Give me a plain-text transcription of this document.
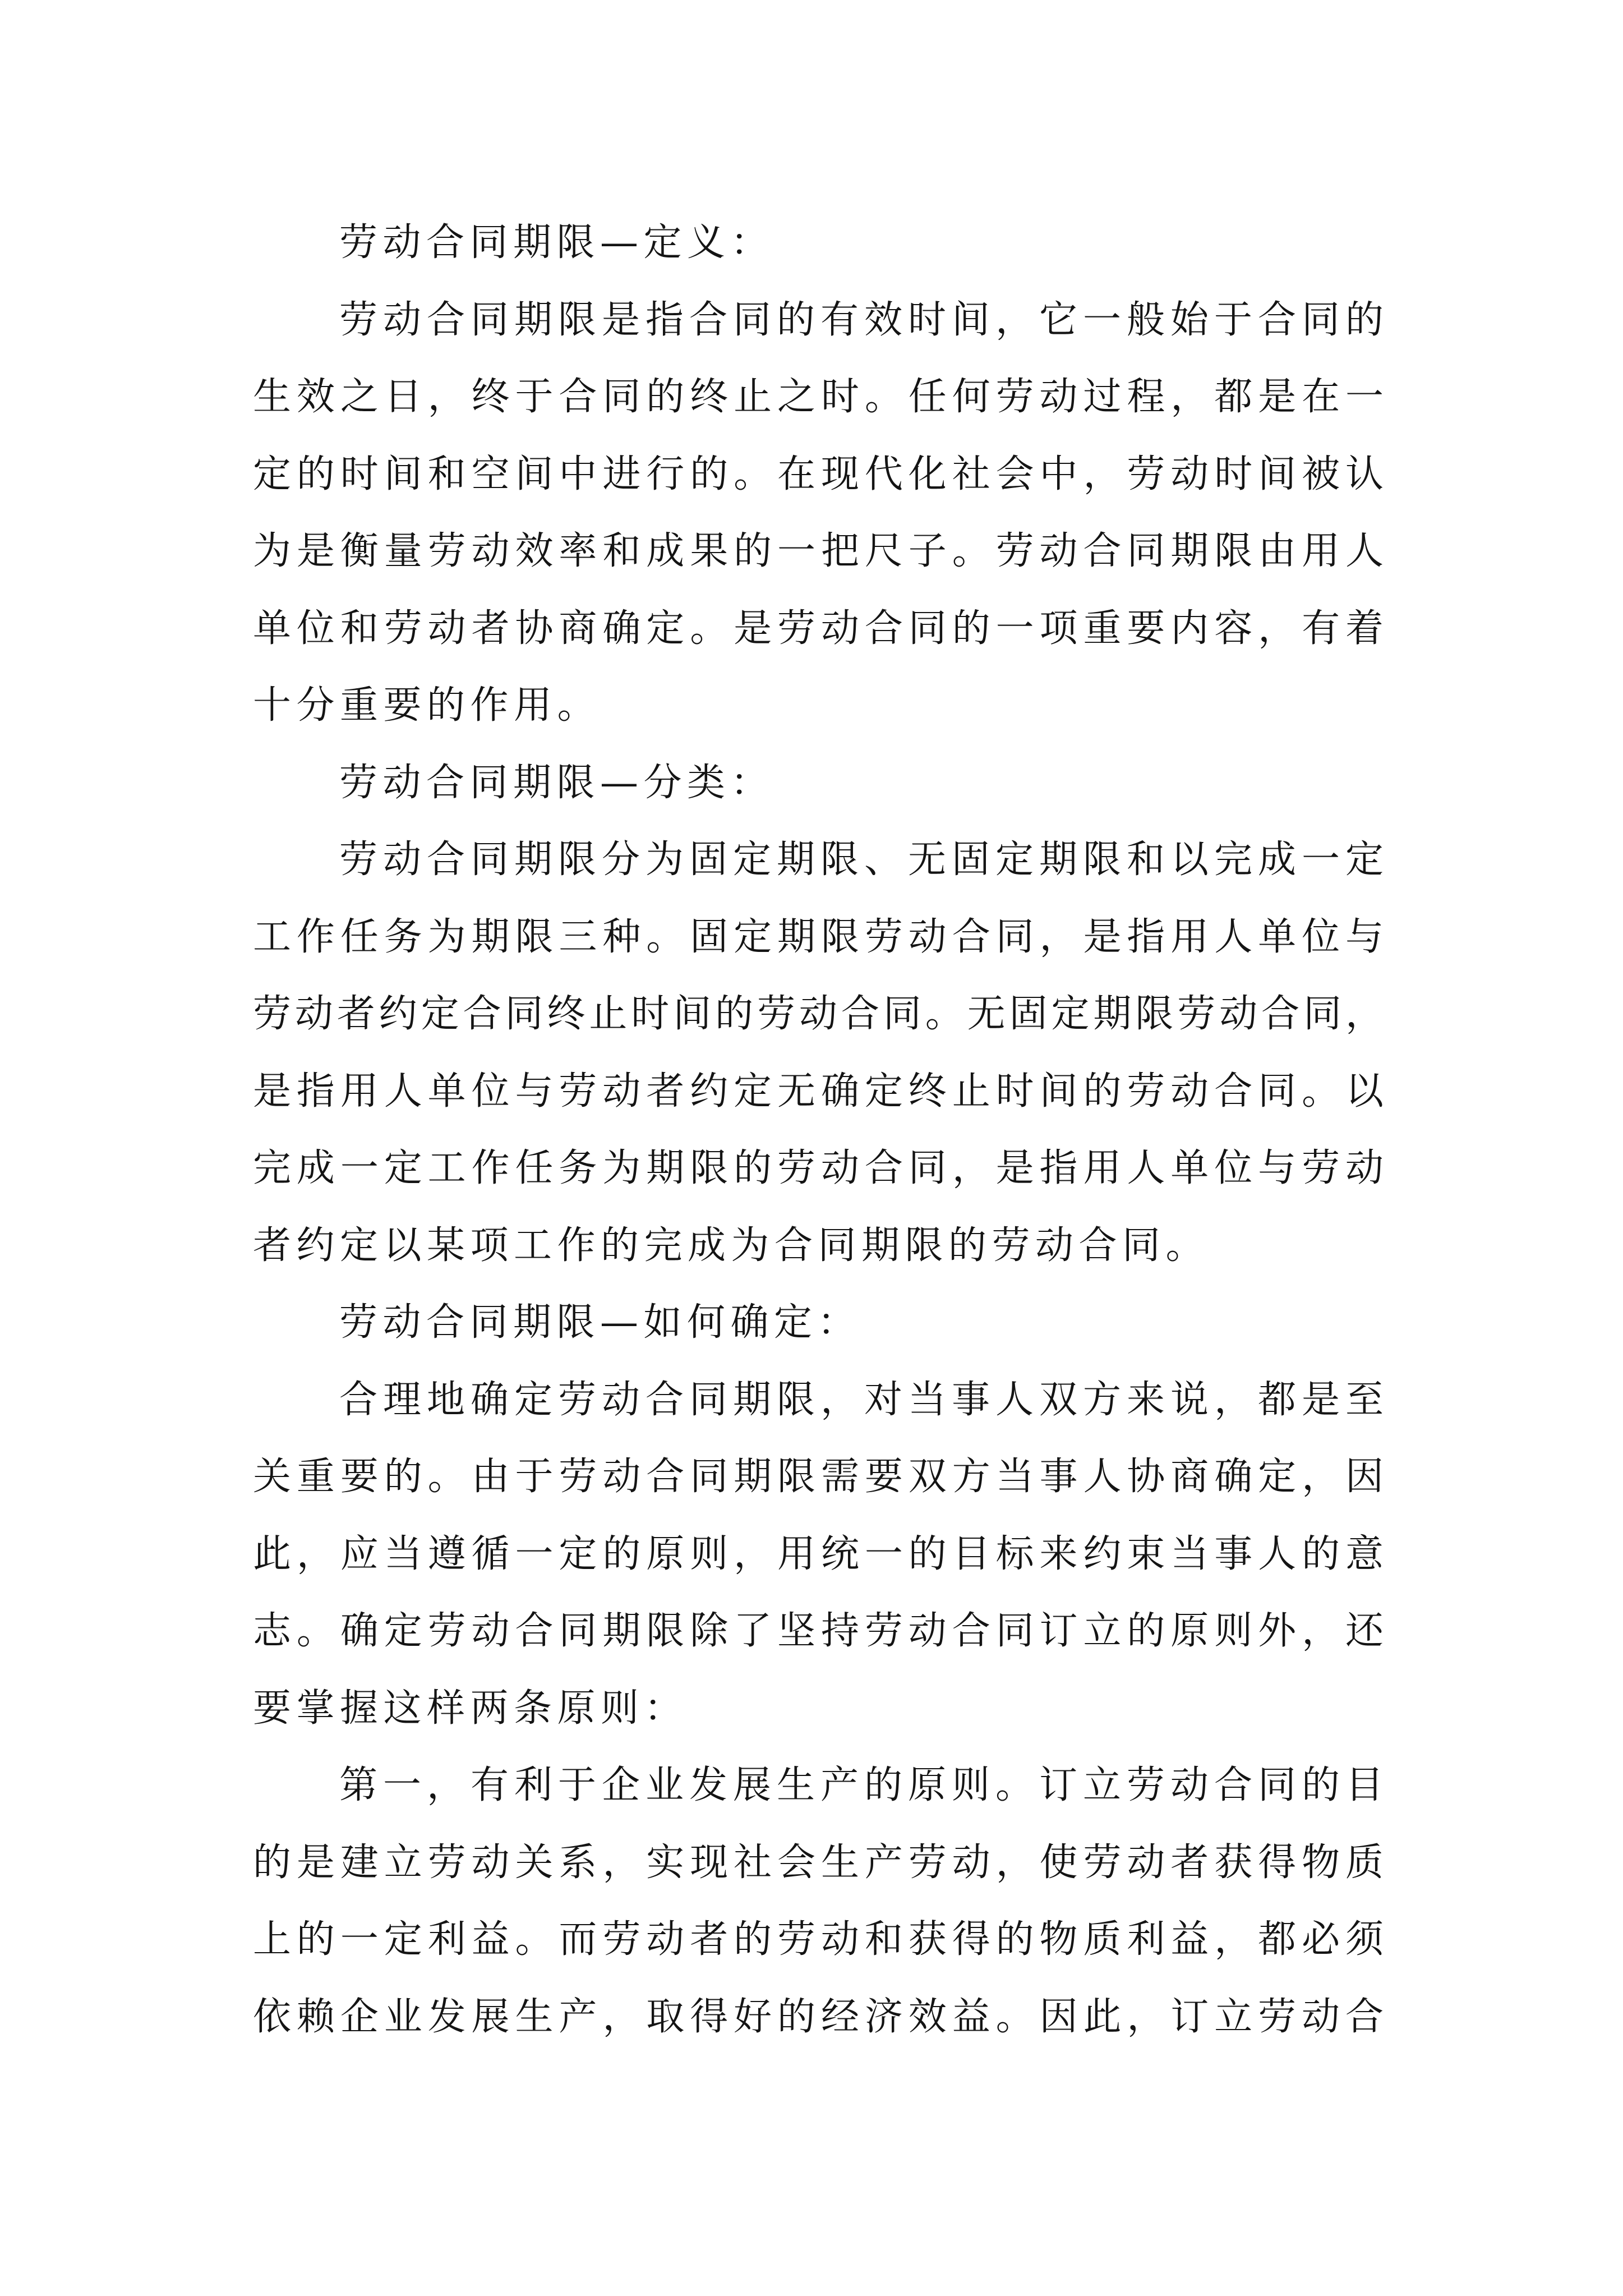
劳动合同期限—定义：
劳动合同期限是指合同的有效时间，它一般始于合同的
生效之日，终于合同的终止之时。任何劳动过程，都是在一
定的时间和空间中进行的。在现代化社会中，劳动时间被认
为是衡量劳动效率和成果的一把尺子。劳动合同期限由用人
单位和劳动者协商确定。是劳动合同的一项重要内容，有着
十分重要的作用。
劳动合同期限—分类：
劳动合同期限分为固定期限、无固定期限和以完成一定
工作任务为期限三种。固定期限劳动合同，是指用人单位与
劳动者约定合同终止时间的劳动合同。无固定期限劳动合同，
是指用人单位与劳动者约定无确定终止时间的劳动合同。以
完成一定工作任务为期限的劳动合同，是指用人单位与劳动
者约定以某项工作的完成为合同期限的劳动合同。
劳动合同期限—如何确定：
合理地确定劳动合同期限，对当事人双方来说，都是至
关重要的。由于劳动合同期限需要双方当事人协商确定，因
此，应当遵循一定的原则，用统一的目标来约束当事人的意
志。确定劳动合同期限除了坚持劳动合同订立的原则外，还
要掌握这样两条原则：
第一，有利于企业发展生产的原则。订立劳动合同的目
的是建立劳动关系，实现社会生产劳动，使劳动者获得物质
上的一定利益。而劳动者的劳动和获得的物质利益，都必须
依赖企业发展生产，取得好的经济效益。因此，订立劳动合
